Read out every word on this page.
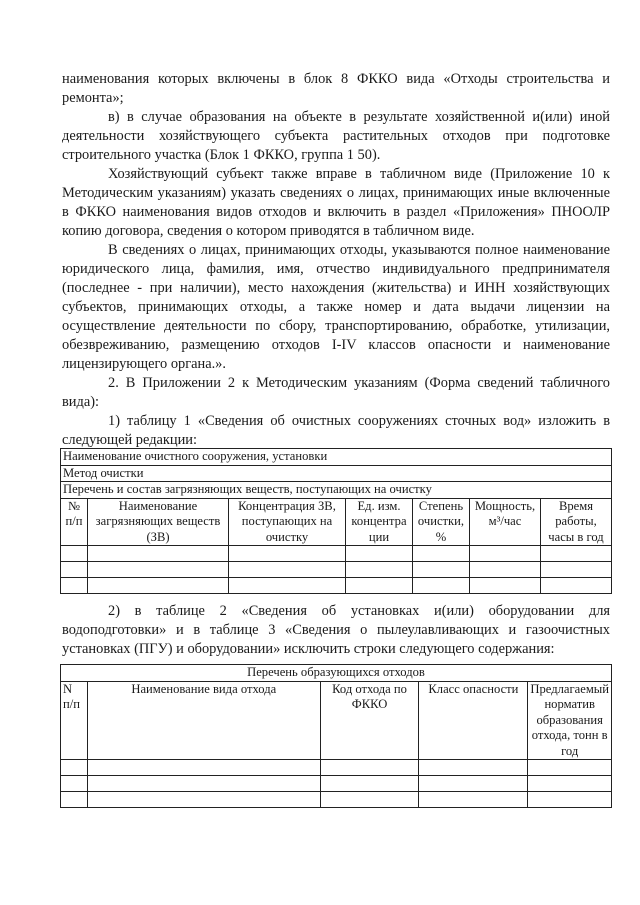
наименования которых включены в блок 8 ФККО вида «Отходы строительства и ремонта»;

в) в случае образования на объекте в результате хозяйственной и(или) иной деятельности хозяйствующего субъекта растительных отходов при подготовке строительного участка (Блок 1 ФККО, группа 1 50).

Хозяйствующий субъект также вправе в табличном виде (Приложение 10 к Методическим указаниям) указать сведениях о лицах, принимающих иные включенные в ФККО наименования видов отходов и включить в раздел «Приложения» ПНООЛР копию договора, сведения о котором приводятся в табличном виде.

В сведениях о лицах, принимающих отходы, указываются полное наименование юридического лица, фамилия, имя, отчество индивидуального предпринимателя (последнее - при наличии), место нахождения (жительства) и ИНН хозяйствующих субъектов, принимающих отходы, а также номер и дата выдачи лицензии на осуществление деятельности по сбору, транспортированию, обработке, утилизации, обезвреживанию, размещению отходов I-IV классов опасности и наименование лицензирующего органа.».

2. В Приложении 2 к Методическим указаниям (Форма сведений табличного вида):

1) таблицу 1 «Сведения об очистных сооружениях сточных вод» изложить в следующей редакции:

Наименование очистного сооружения, установки						
Метод очистки						
Перечень и состав загрязняющих веществ, поступающих на очистку						
№ п/п	Наименование загрязняющих веществ (ЗВ)	Концентрация ЗВ, поступающих на очистку	Ед. изм. концентра ции	Степень очистки, %	Мощность, м³/час	Время работы, часы в год

2) в таблице 2 «Сведения об установках и(или) оборудовании для водоподготовки» и в таблице 3 «Сведения о пылеулавливающих и газоочистных установках (ПГУ) и оборудовании» исключить строки следующего содержания:

Перечень образующихся отходов				
N п/п	Наименование вида отхода	Код отхода по ФККО	Класс опасности	Предлагаемый норматив образования отхода, тонн в год
